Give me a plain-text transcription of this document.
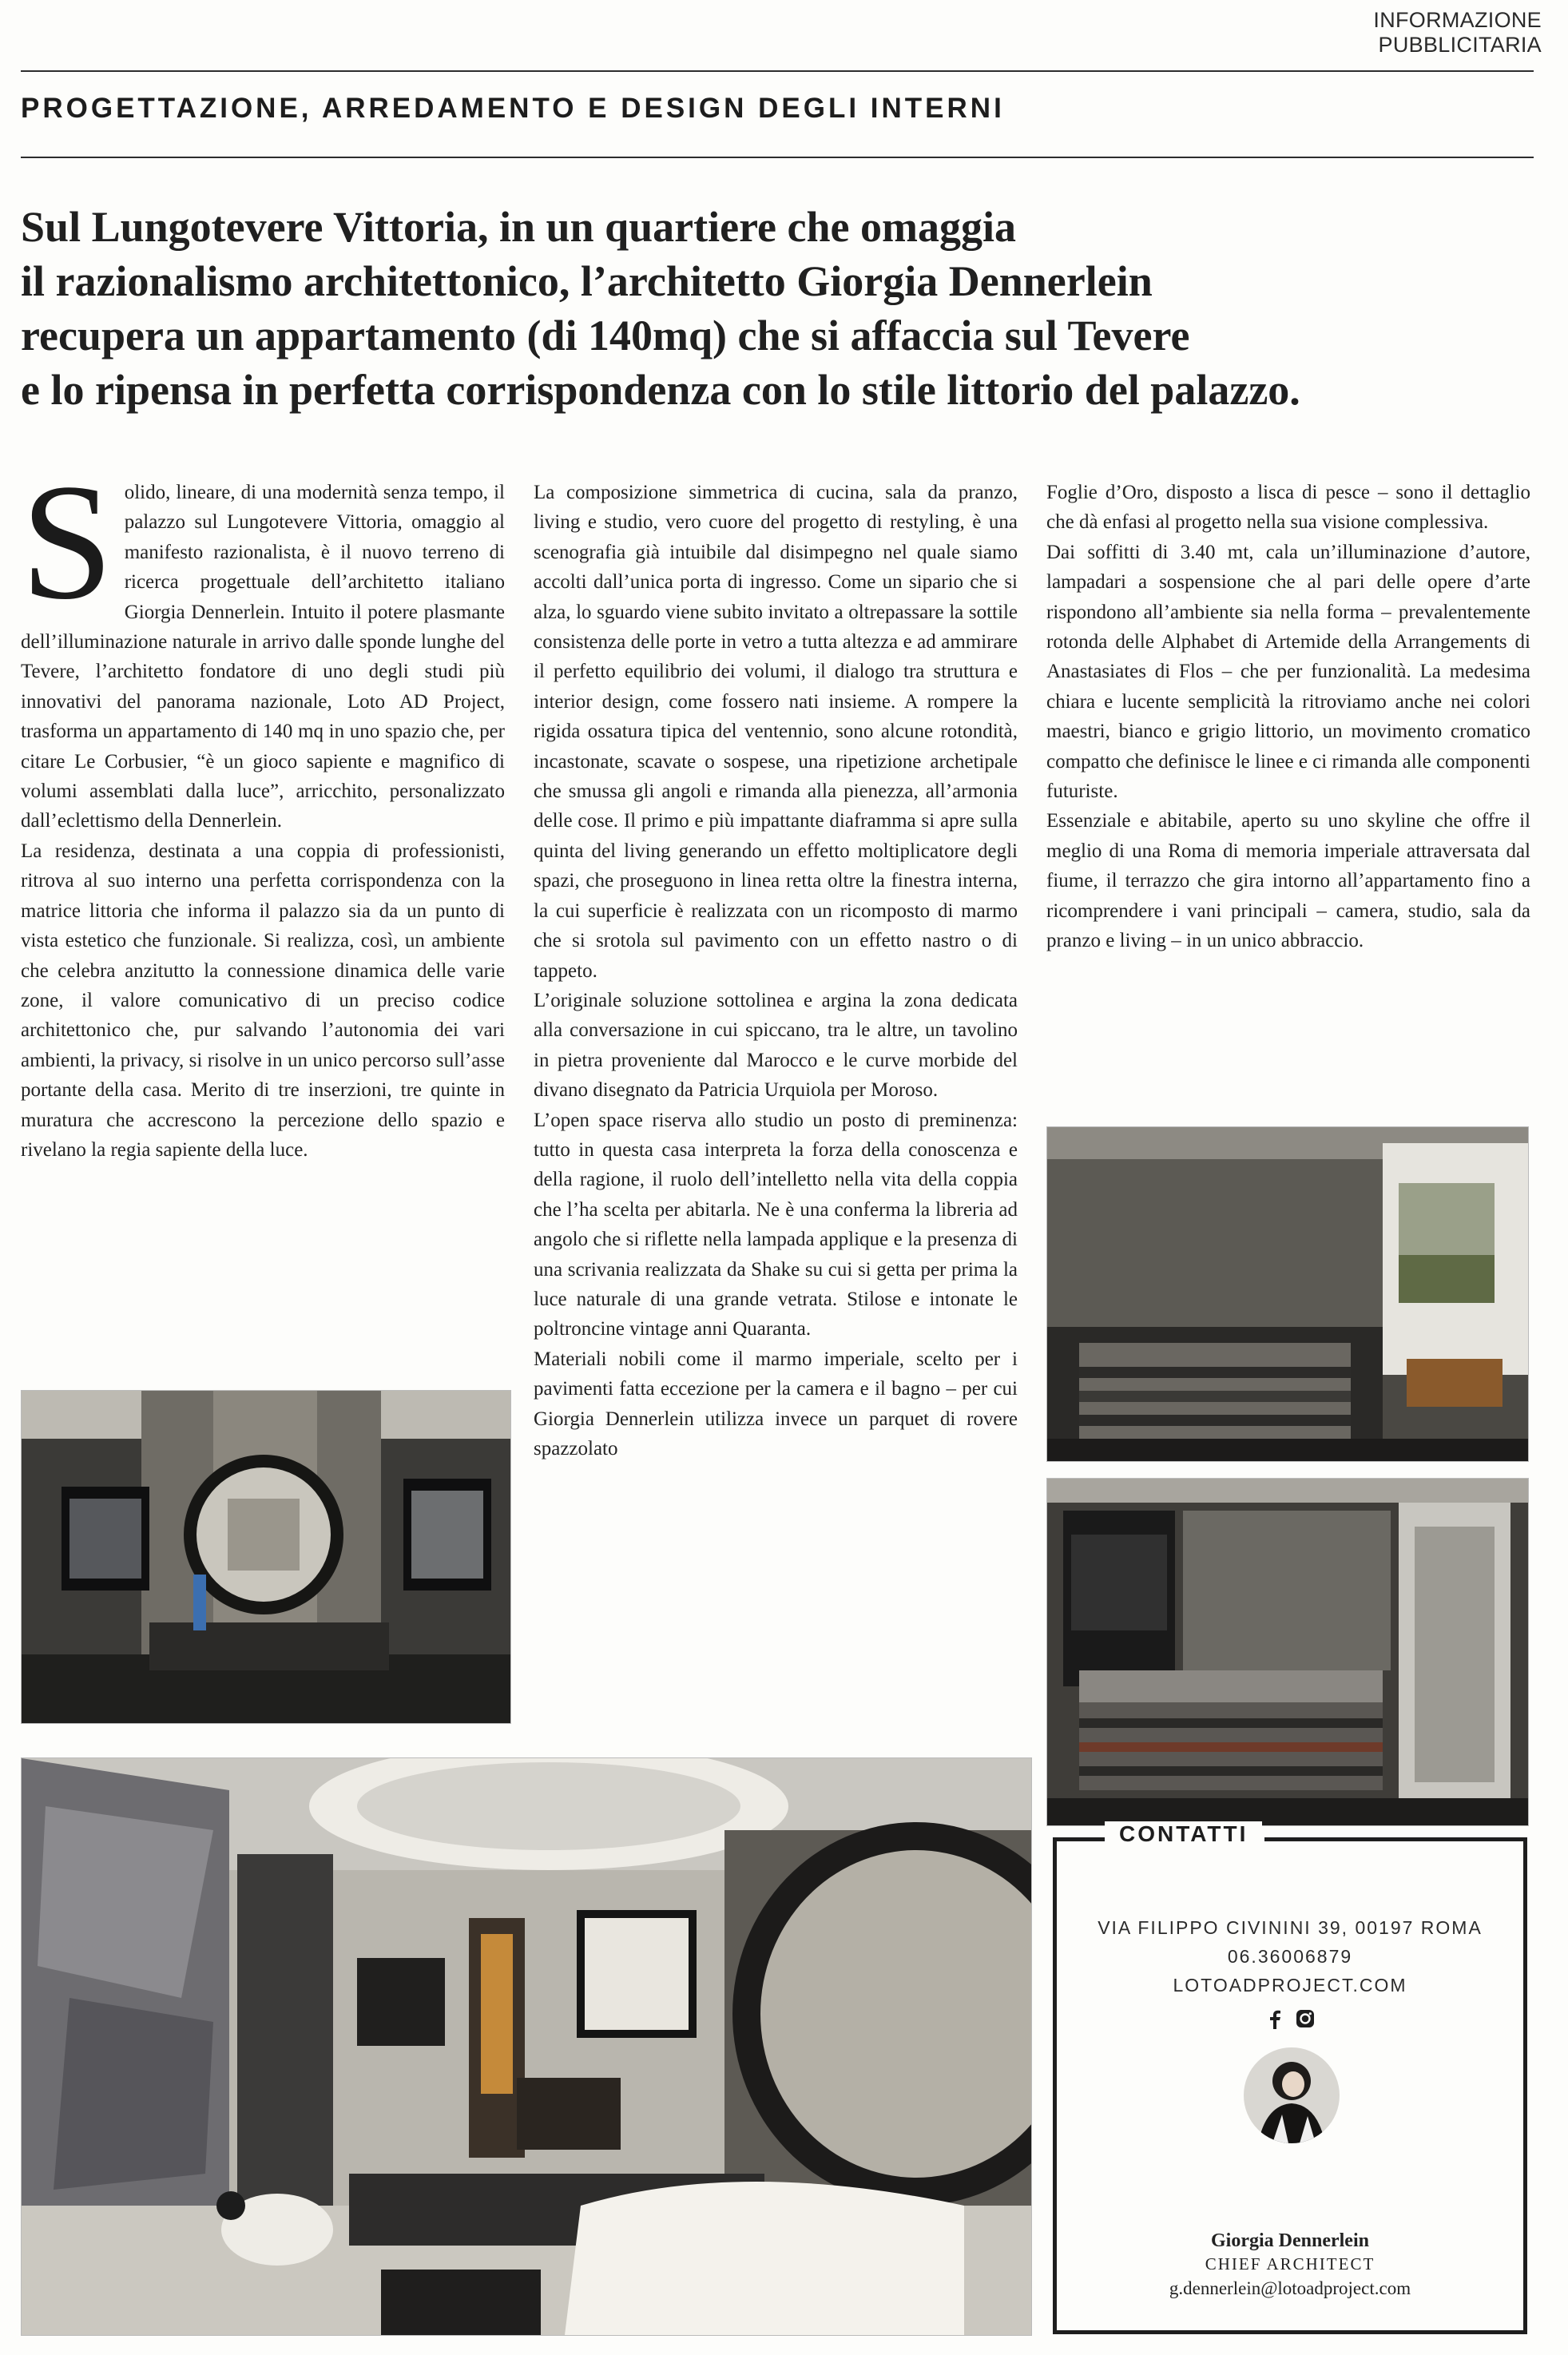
INFORMAZIONE PUBBLICITARIA
PROGETTAZIONE, ARREDAMENTO E DESIGN DEGLI INTERNI
Sul Lungotevere Vittoria, in un quartiere che omaggia
il razionalismo architettonico, l’architetto Giorgia Dennerlein
recupera un appartamento (di 140mq) che si affaccia sul Tevere
e lo ripensa in perfetta corrispondenza con lo stile littorio del palazzo.
S olido, lineare, di una modernità senza tempo, il palazzo sul Lungotevere Vittoria, omaggio al manifesto razionalista, è il nuovo terreno di ricerca progettuale dell’architetto italiano Giorgia Dennerlein. Intuito il potere plasmante dell’illuminazione naturale in arrivo dalle sponde lunghe del Tevere, l’architetto fondatore di uno degli studi più innovativi del panorama nazionale, Loto AD Project, trasforma un appartamento di 140 mq in uno spazio che, per citare Le Corbusier, “è un gioco sapiente e magnifico di volumi assemblati dalla luce”, arricchito, personalizzato dall’eclettismo della Dennerlein.

La residenza, destinata a una coppia di professionisti, ritrova al suo interno una perfetta corrispondenza con la matrice littoria che informa il palazzo sia da un punto di vista estetico che funzionale. Si realizza, così, un ambiente che celebra anzitutto la connessione dinamica delle varie zone, il valore comunicativo di un preciso codice architettonico che, pur salvando l’autonomia dei vari ambienti, la privacy, si risolve in un unico percorso sull’asse portante della casa. Merito di tre inserzioni, tre quinte in muratura che accrescono la percezione dello spazio e rivelano la regia sapiente della luce.

La composizione simmetrica di cucina, sala da pranzo, living e studio, vero cuore del progetto di restyling, è una scenografia già intuibile dal disimpegno nel quale siamo accolti dall’unica porta di ingresso. Come un sipario che si alza, lo sguardo viene subito invitato a oltrepassare la sottile consistenza delle porte in vetro a tutta altezza e ad ammirare il perfetto equilibrio dei volumi, il dialogo tra struttura e interior design, come fossero nati insieme. A rompere la rigida ossatura tipica del ventennio, sono alcune rotondità, incastonate, scavate o sospese, una ripetizione archetipale che smussa gli angoli e rimanda alla pienezza, all’armonia delle cose. Il primo e più impattante diaframma si apre sulla quinta del living generando un effetto moltiplicatore degli spazi, che proseguono in linea retta oltre la finestra interna, la cui superficie è realizzata con un ricomposto di marmo che si srotola sul pavimento con un effetto nastro o di tappeto.

L’originale soluzione sottolinea e argina la zona dedicata alla conversazione in cui spiccano, tra le altre, un tavolino in pietra proveniente dal Marocco e le curve morbide del divano disegnato da Patricia Urquiola per Moroso.

L’open space riserva allo studio un posto di preminenza: tutto in questa casa interpreta la forza della conoscenza e della ragione, il ruolo dell’intelletto nella vita della coppia che l’ha scelta per abitarla. Ne è una conferma la libreria ad angolo che si riflette nella lampada applique e la presenza di una scrivania realizzata da Shake su cui si getta per prima la luce naturale di una grande vetrata. Stilose e intonate le poltroncine vintage anni Quaranta.

Materiali nobili come il marmo imperiale, scelto per i pavimenti fatta eccezione per la camera e il bagno – per cui Giorgia Dennerlein utilizza invece un parquet di rovere spazzolato

Foglie d’Oro, disposto a lisca di pesce – sono il dettaglio che dà enfasi al progetto nella sua visione complessiva.

Dai soffitti di 3.40 mt, cala un’illuminazione d’autore, lampadari a sospensione che al pari delle opere d’arte rispondono all’ambiente sia nella forma – prevalentemente rotonda delle Alphabet di Artemide della Arrangements di Anastasiates di Flos – che per funzionalità. La medesima chiara e lucente semplicità la ritroviamo anche nei colori maestri, bianco e grigio littorio, un movimento cromatico compatto che definisce le linee e ci rimanda alle componenti futuriste.

Essenziale e abitabile, aperto su uno skyline che offre il meglio di una Roma di memoria imperiale attraversata dal fiume, il terrazzo che gira intorno all’appartamento fino a ricomprendere i vani principali – camera, studio, sala da pranzo e living – in un unico abbraccio.

CONTATTI
VIA FILIPPO CIVININI 39, 00197 ROMA
06.36006879
LOTOADPROJECT.COM

Giorgia Dennerlein
CHIEF ARCHITECT
g.dennerlein@lotoadproject.com
